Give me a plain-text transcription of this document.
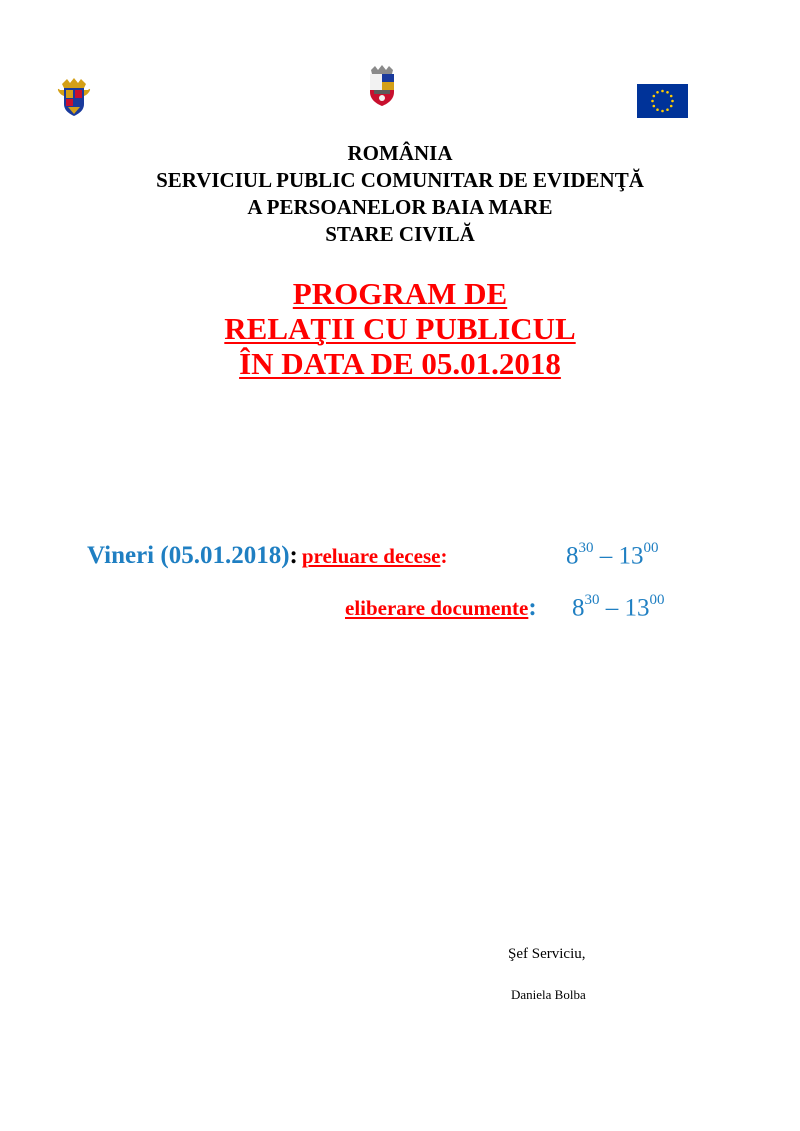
ROMÂNIA
SERVICIUL PUBLIC COMUNITAR DE EVIDENŢĂ
A PERSOANELOR BAIA MARE
STARE CIVILĂ
PROGRAM DE
RELAŢII CU PUBLICUL
ÎN DATA DE 05.01.2018
Vineri (05.01.2018): preluare decese:	$8^{30} - 13^{00}$
eliberare documente: $8^{30} - 13^{00}$
Şef Serviciu,
Daniela Bolba
